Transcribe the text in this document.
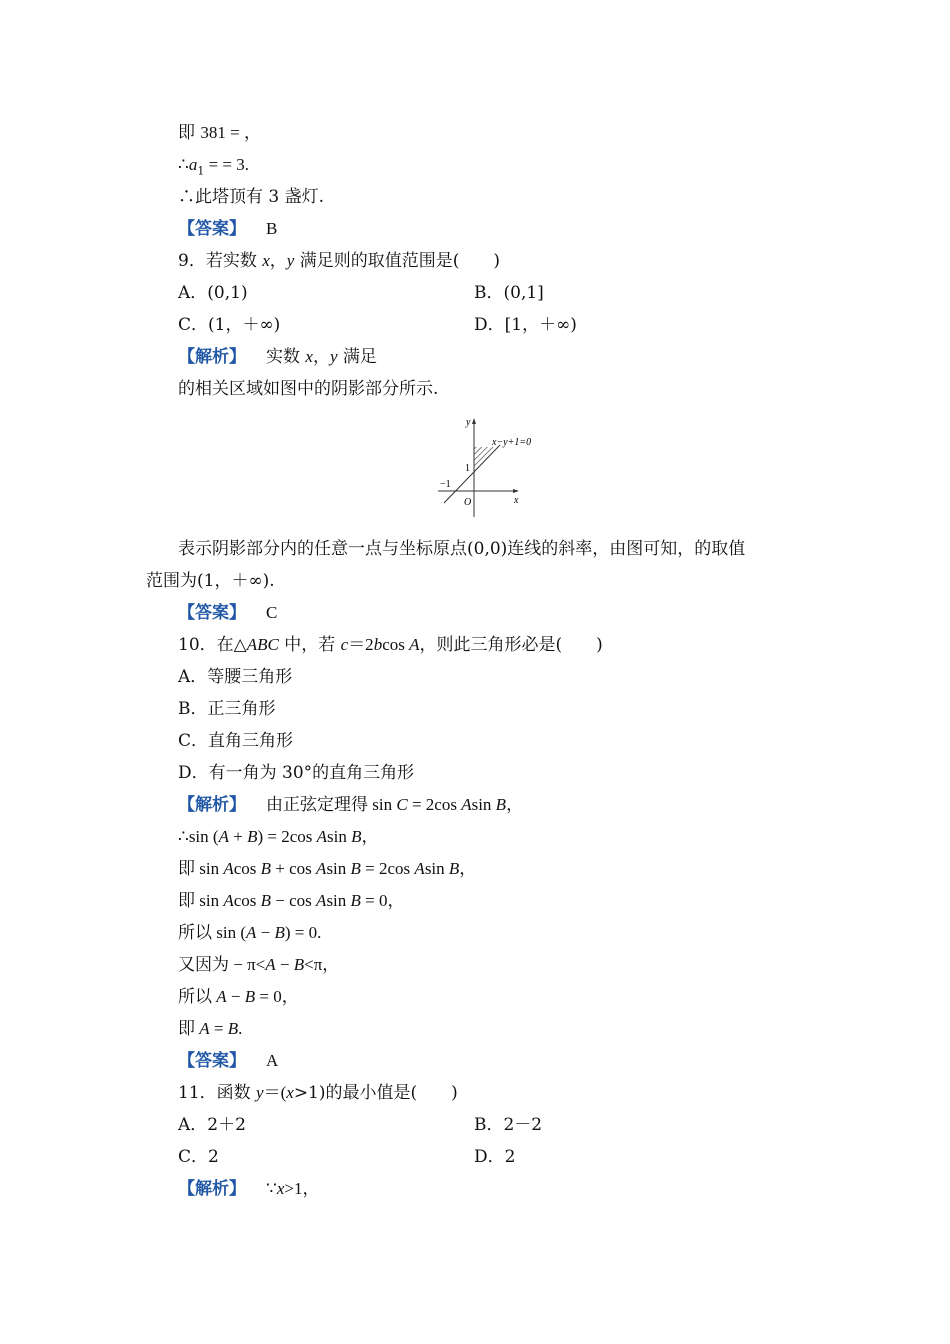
即 381 = ，
$\therefore a_1$ = = 3.
∴此塔顶有 3 盏灯.
【答案】 B
9．若实数 x，y 满足则的取值范围是(　　)
A．(0,1)	B．(0,1]
C．(1，＋∞)	D．[1，＋∞)
【解析】 实数 x，y 满足
的相关区域如图中的阴影部分所示.
y
x
x−y+1=0
1
−1
O
表示阴影部分内的任意一点与坐标原点(0,0)连线的斜率，由图可知，的取值
范围为(1，＋∞).
【答案】 C
10．在△ABC 中，若 c＝2bcos A，则此三角形必是(　　)
A．等腰三角形
B．正三角形
C．直角三角形
D．有一角为 30°的直角三角形
【解析】 由正弦定理得 sin C = 2cos Asin B，
∴sin (A + B) = 2cos Asin B，
即 sin Acos B + cos Asin B = 2cos Asin B，
即 sin Acos B − cos Asin B = 0，
所以 sin (A − B) = 0.
又因为 − π<A − B<π，
所以 A − B = 0，
即 A = B.
【答案】 A
11．函数 y＝(x>1)的最小值是(　　)
A．2＋2	B．2－2
C．2	D．2
【解析】 ∵x>1，
